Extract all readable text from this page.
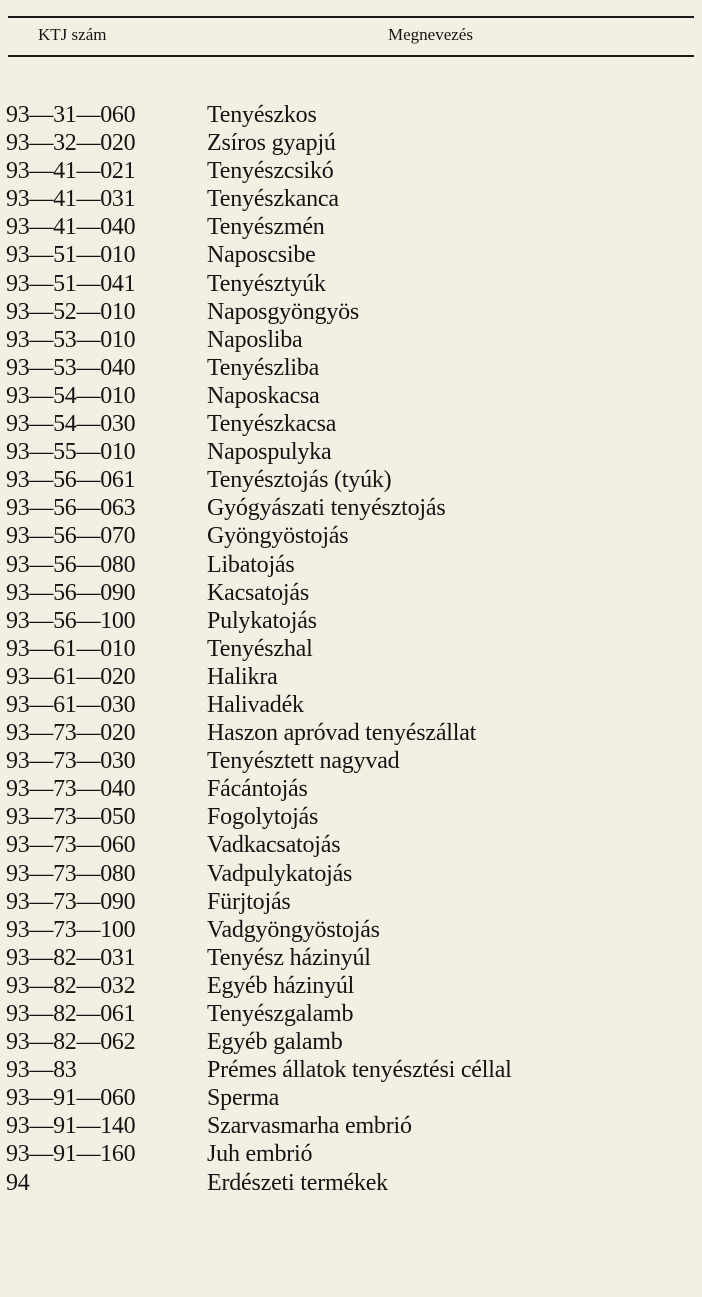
KTJ szám	Megnevezés
93—31—060	Tenyészkos
93—32—020	Zsíros gyapjú
93—41—021	Tenyészcsikó
93—41—031	Tenyészkanca
93—41—040	Tenyészmén
93—51—010	Naposcsibe
93—51—041	Tenyésztyúk
93—52—010	Naposgyöngyös
93—53—010	Naposliba
93—53—040	Tenyészliba
93—54—010	Naposkacsa
93—54—030	Tenyészkacsa
93—55—010	Napospulyka
93—56—061	Tenyésztojás (tyúk)
93—56—063	Gyógyászati tenyésztojás
93—56—070	Gyöngyöstojás
93—56—080	Libatojás
93—56—090	Kacsatojás
93—56—100	Pulykatojás
93—61—010	Tenyészhal
93—61—020	Halikra
93—61—030	Halivadék
93—73—020	Haszon apróvad tenyészállat
93—73—030	Tenyésztett nagyvad
93—73—040	Fácántojás
93—73—050	Fogolytojás
93—73—060	Vadkacsatojás
93—73—080	Vadpulykatojás
93—73—090	Fürjtojás
93—73—100	Vadgyöngyöstojás
93—82—031	Tenyész házinyúl
93—82—032	Egyéb házinyúl
93—82—061	Tenyészgalamb
93—82—062	Egyéb galamb
93—83	Prémes állatok tenyésztési céllal
93—91—060	Sperma
93—91—140	Szarvasmarha embrió
93—91—160	Juh embrió
94	Erdészeti termékek
